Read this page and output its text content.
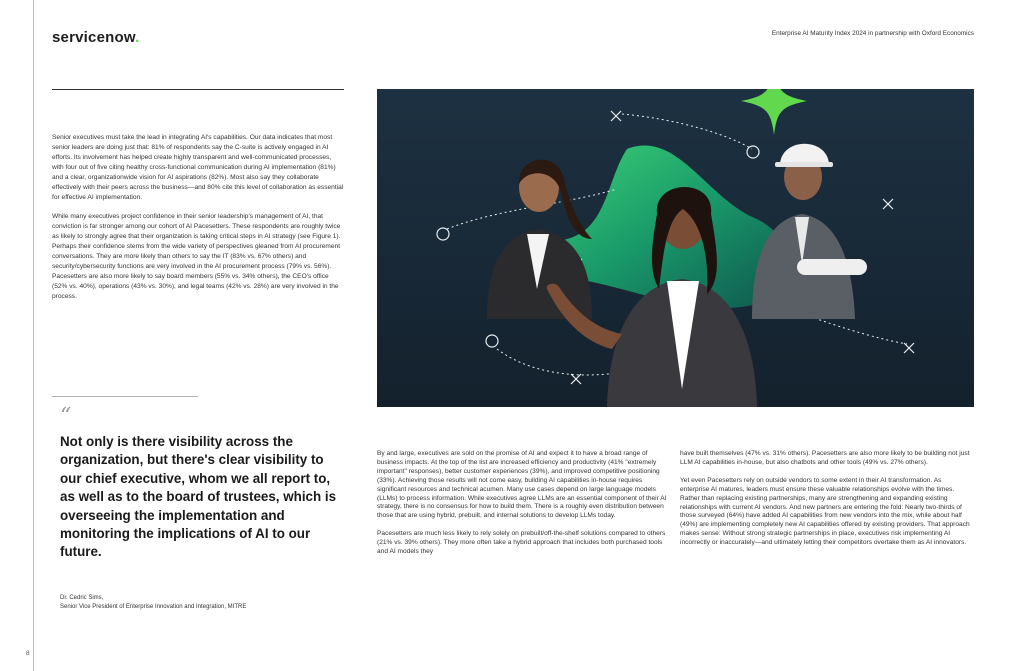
servicenow.	Enterprise AI Maturity Index 2024 in partnership with Oxford Economics

Senior executives must take the lead in integrating AI's capabilities. Our data indicates that most senior leaders are doing just that: 81% of respondents say the C-suite is actively engaged in AI efforts. Its involvement has helped create highly transparent and well-communicated processes, with four out of five citing healthy cross-functional communication during AI implementation (81%) and a clear, organizationwide vision for AI aspirations (82%). Most also say they collaborate effectively with their peers across the business—and 80% cite this level of collaboration as essential for effective AI implementation.

While many executives project confidence in their senior leadership's management of AI, that conviction is far stronger among our cohort of AI Pacesetters. These respondents are roughly twice as likely to strongly agree that their organization is taking critical steps in AI strategy (see Figure 1). Perhaps their confidence stems from the wide variety of perspectives gleaned from AI procurement conversations. They are more likely than others to say the IT (83% vs. 67% others) and security/cybersecurity functions are very involved in the AI procurement process (79% vs. 56%). Pacesetters are also more likely to say board members (55% vs. 34% others), the CEO's office (52% vs. 40%), operations (43% vs. 30%), and legal teams (42% vs. 28%) are very involved in the process.

“

Not only is there visibility across the organization, but there's clear visibility to our chief executive, whom we all report to, as well as to the board of trustees, which is overseeing the implementation and monitoring the implications of AI to our future.

Dr. Cedric Sims,
Senior Vice President of Enterprise Innovation and Integration, MITRE

By and large, executives are sold on the promise of AI and expect it to have a broad range of business impacts. At the top of the list are increased efficiency and productivity (41% "extremely important" responses), better customer experiences (39%), and improved competitive positioning (33%). Achieving those results will not come easy, building AI capabilities in-house requires significant resources and technical acumen. Many use cases depend on large language models (LLMs) to process information. While executives agree LLMs are an essential component of their AI strategy, there is no consensus for how to build them. There is a roughly even distribution between those that are using hybrid, prebuilt, and internal solutions to develop LLMs today.

Pacesetters are much less likely to rely solely on prebuilt/off-the-shelf solutions compared to others (21% vs. 39% others). They more often take a hybrid approach that includes both purchased tools and AI models they

have built themselves (47% vs. 31% others). Pacesetters are also more likely to be building not just LLM AI capabilities in-house, but also chatbots and other tools (49% vs. 27% others).

Yet even Pacesetters rely on outside vendors to some extent in their AI transformation. As enterprise AI matures, leaders must ensure these valuable relationships evolve with the times. Rather than replacing existing partnerships, many are strengthening and expanding existing relationships with current AI vendors. And new partners are entering the fold: Nearly two-thirds of those surveyed (64%) have added AI capabilities from new vendors into the mix, while about half (49%) are implementing completely new AI capabilities offered by existing providers. That approach makes sense: Without strong strategic partnerships in place, executives risk implementing AI incorrectly or inaccurately—and ultimately letting their competitors overtake them as AI innovators.

8
